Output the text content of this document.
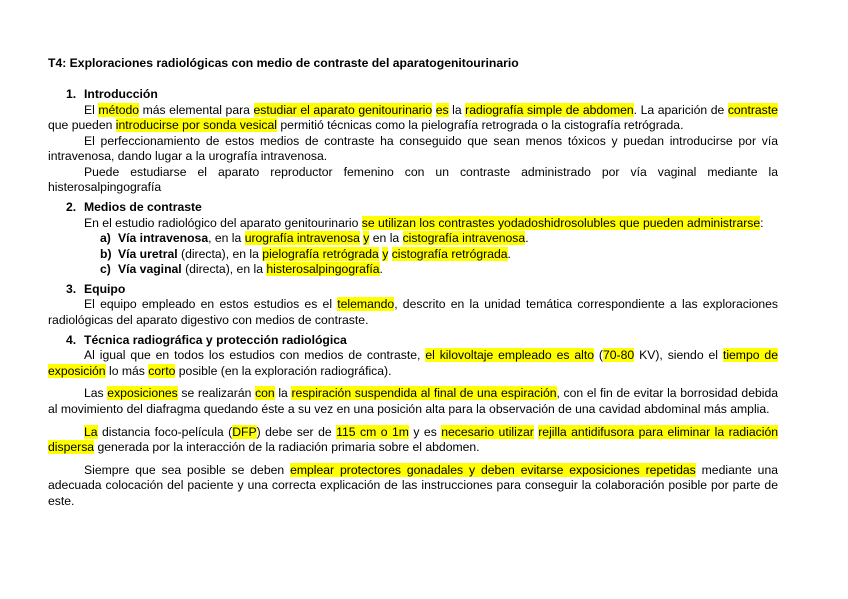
T4: Exploraciones radiológicas con medio de contraste del aparatogenitourinario
1. Introducción

El método más elemental para estudiar el aparato genitourinario es la radiografía simple de abdomen. La aparición de contraste que pueden introducirse por sonda vesical permitió técnicas como la pielografía retrograda o la cistografía retrógrada.

El perfeccionamiento de estos medios de contraste ha conseguido que sean menos tóxicos y puedan introducirse por vía intravenosa, dando lugar a la urografía intravenosa.

Puede estudiarse el aparato reproductor femenino con un contraste administrado por vía vaginal mediante la histerosalpingografía

2. Medios de contraste

En el estudio radiológico del aparato genitourinario se utilizan los contrastes yodadoshidrosolubles que pueden administrarse:

a) Vía intravenosa, en la urografía intravenosa y en la cistografía intravenosa.
b) Vía uretral (directa), en la pielografía retrógrada y cistografía retrógrada.
c) Vía vaginal (directa), en la histerosalpingografía.
3. Equipo

El equipo empleado en estos estudios es el telemando, descrito en la unidad temática correspondiente a las exploraciones radiológicas del aparato digestivo con medios de contraste.

4. Técnica radiográfica y protección radiológica

Al igual que en todos los estudios con medios de contraste, el kilovoltaje empleado es alto (70-80 KV), siendo el tiempo de exposición lo más corto posible (en la exploración radiográfica).

Las exposiciones se realizarán con la respiración suspendida al final de una espiración, con el fin de evitar la borrosidad debida al movimiento del diafragma quedando éste a su vez en una posición alta para la observación de una cavidad abdominal más amplia.

La distancia foco-película (DFP) debe ser de 115 cm o 1m y es necesario utilizar rejilla antidifusora para eliminar la radiación dispersa generada por la interacción de la radiación primaria sobre el abdomen.

Siempre que sea posible se deben emplear protectores gonadales y deben evitarse exposiciones repetidas mediante una adecuada colocación del paciente y una correcta explicación de las instrucciones para conseguir la colaboración posible por parte de este.
